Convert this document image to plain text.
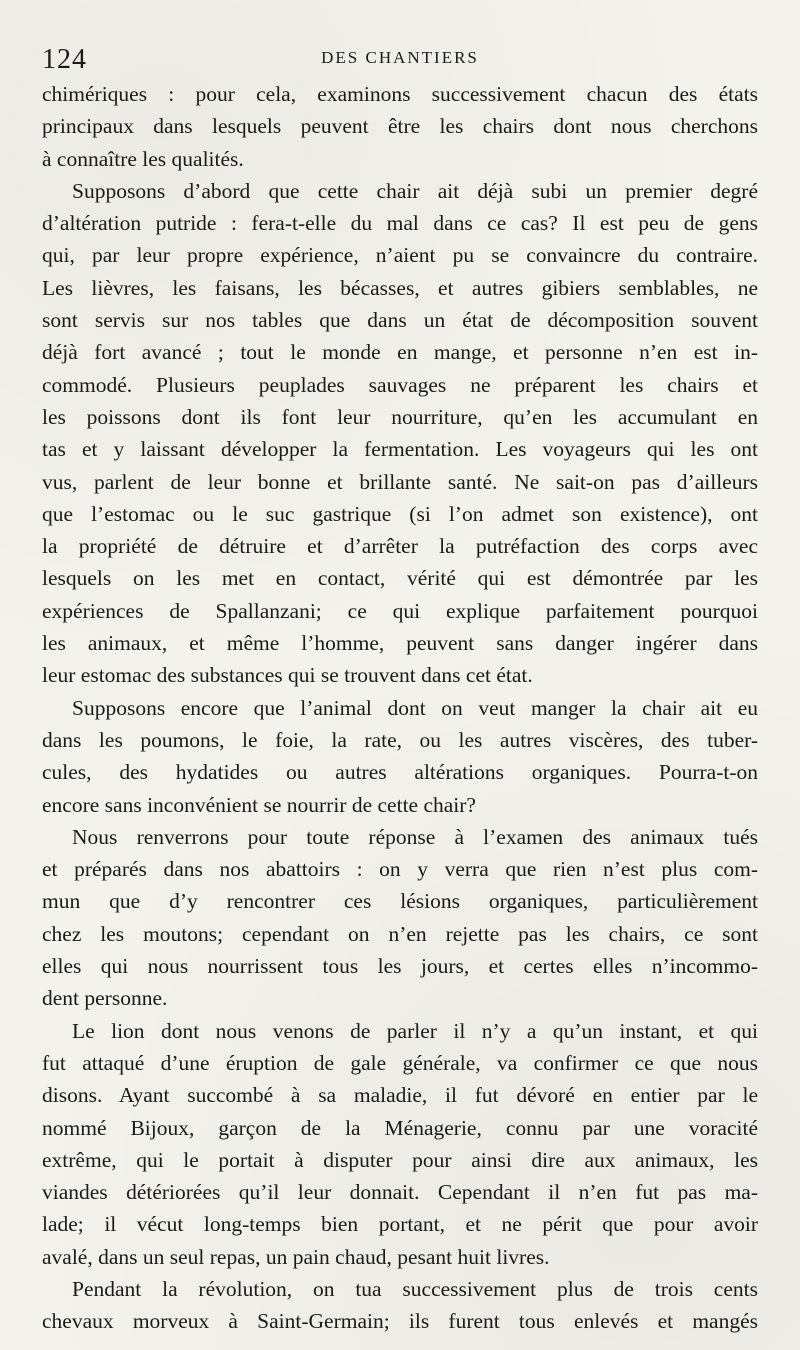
124	DES CHANTIERS
chimériques : pour cela, examinons successivement chacun des états
principaux dans lesquels peuvent être les chairs dont nous cherchons
à connaître les qualités.
Supposons d’abord que cette chair ait déjà subi un premier degré
d’altération putride : fera-t-elle du mal dans ce cas? Il est peu de gens
qui, par leur propre expérience, n’aient pu se convaincre du contraire.
Les lièvres, les faisans, les bécasses, et autres gibiers semblables, ne
sont servis sur nos tables que dans un état de décomposition souvent
déjà fort avancé ; tout le monde en mange, et personne n’en est in-
commodé. Plusieurs peuplades sauvages ne préparent les chairs et
les poissons dont ils font leur nourriture, qu’en les accumulant en
tas et y laissant développer la fermentation. Les voyageurs qui les ont
vus, parlent de leur bonne et brillante santé. Ne sait-on pas d’ailleurs
que l’estomac ou le suc gastrique (si l’on admet son existence), ont
la propriété de détruire et d’arrêter la putréfaction des corps avec
lesquels on les met en contact, vérité qui est démontrée par les
expériences de Spallanzani; ce qui explique parfaitement pourquoi
les animaux, et même l’homme, peuvent sans danger ingérer dans
leur estomac des substances qui se trouvent dans cet état.
Supposons encore que l’animal dont on veut manger la chair ait eu
dans les poumons, le foie, la rate, ou les autres viscères, des tuber-
cules, des hydatides ou autres altérations organiques. Pourra-t-on
encore sans inconvénient se nourrir de cette chair?
Nous renverrons pour toute réponse à l’examen des animaux tués
et préparés dans nos abattoirs : on y verra que rien n’est plus com-
mun que d’y rencontrer ces lésions organiques, particulièrement
chez les moutons; cependant on n’en rejette pas les chairs, ce sont
elles qui nous nourrissent tous les jours, et certes elles n’incommo-
dent personne.
Le lion dont nous venons de parler il n’y a qu’un instant, et qui
fut attaqué d’une éruption de gale générale, va confirmer ce que nous
disons. Ayant succombé à sa maladie, il fut dévoré en entier par le
nommé Bijoux, garçon de la Ménagerie, connu par une voracité
extrême, qui le portait à disputer pour ainsi dire aux animaux, les
viandes détériorées qu’il leur donnait. Cependant il n’en fut pas ma-
lade; il vécut long-temps bien portant, et ne périt que pour avoir
avalé, dans un seul repas, un pain chaud, pesant huit livres.
Pendant la révolution, on tua successivement plus de trois cents
chevaux morveux à Saint-Germain; ils furent tous enlevés et mangés
